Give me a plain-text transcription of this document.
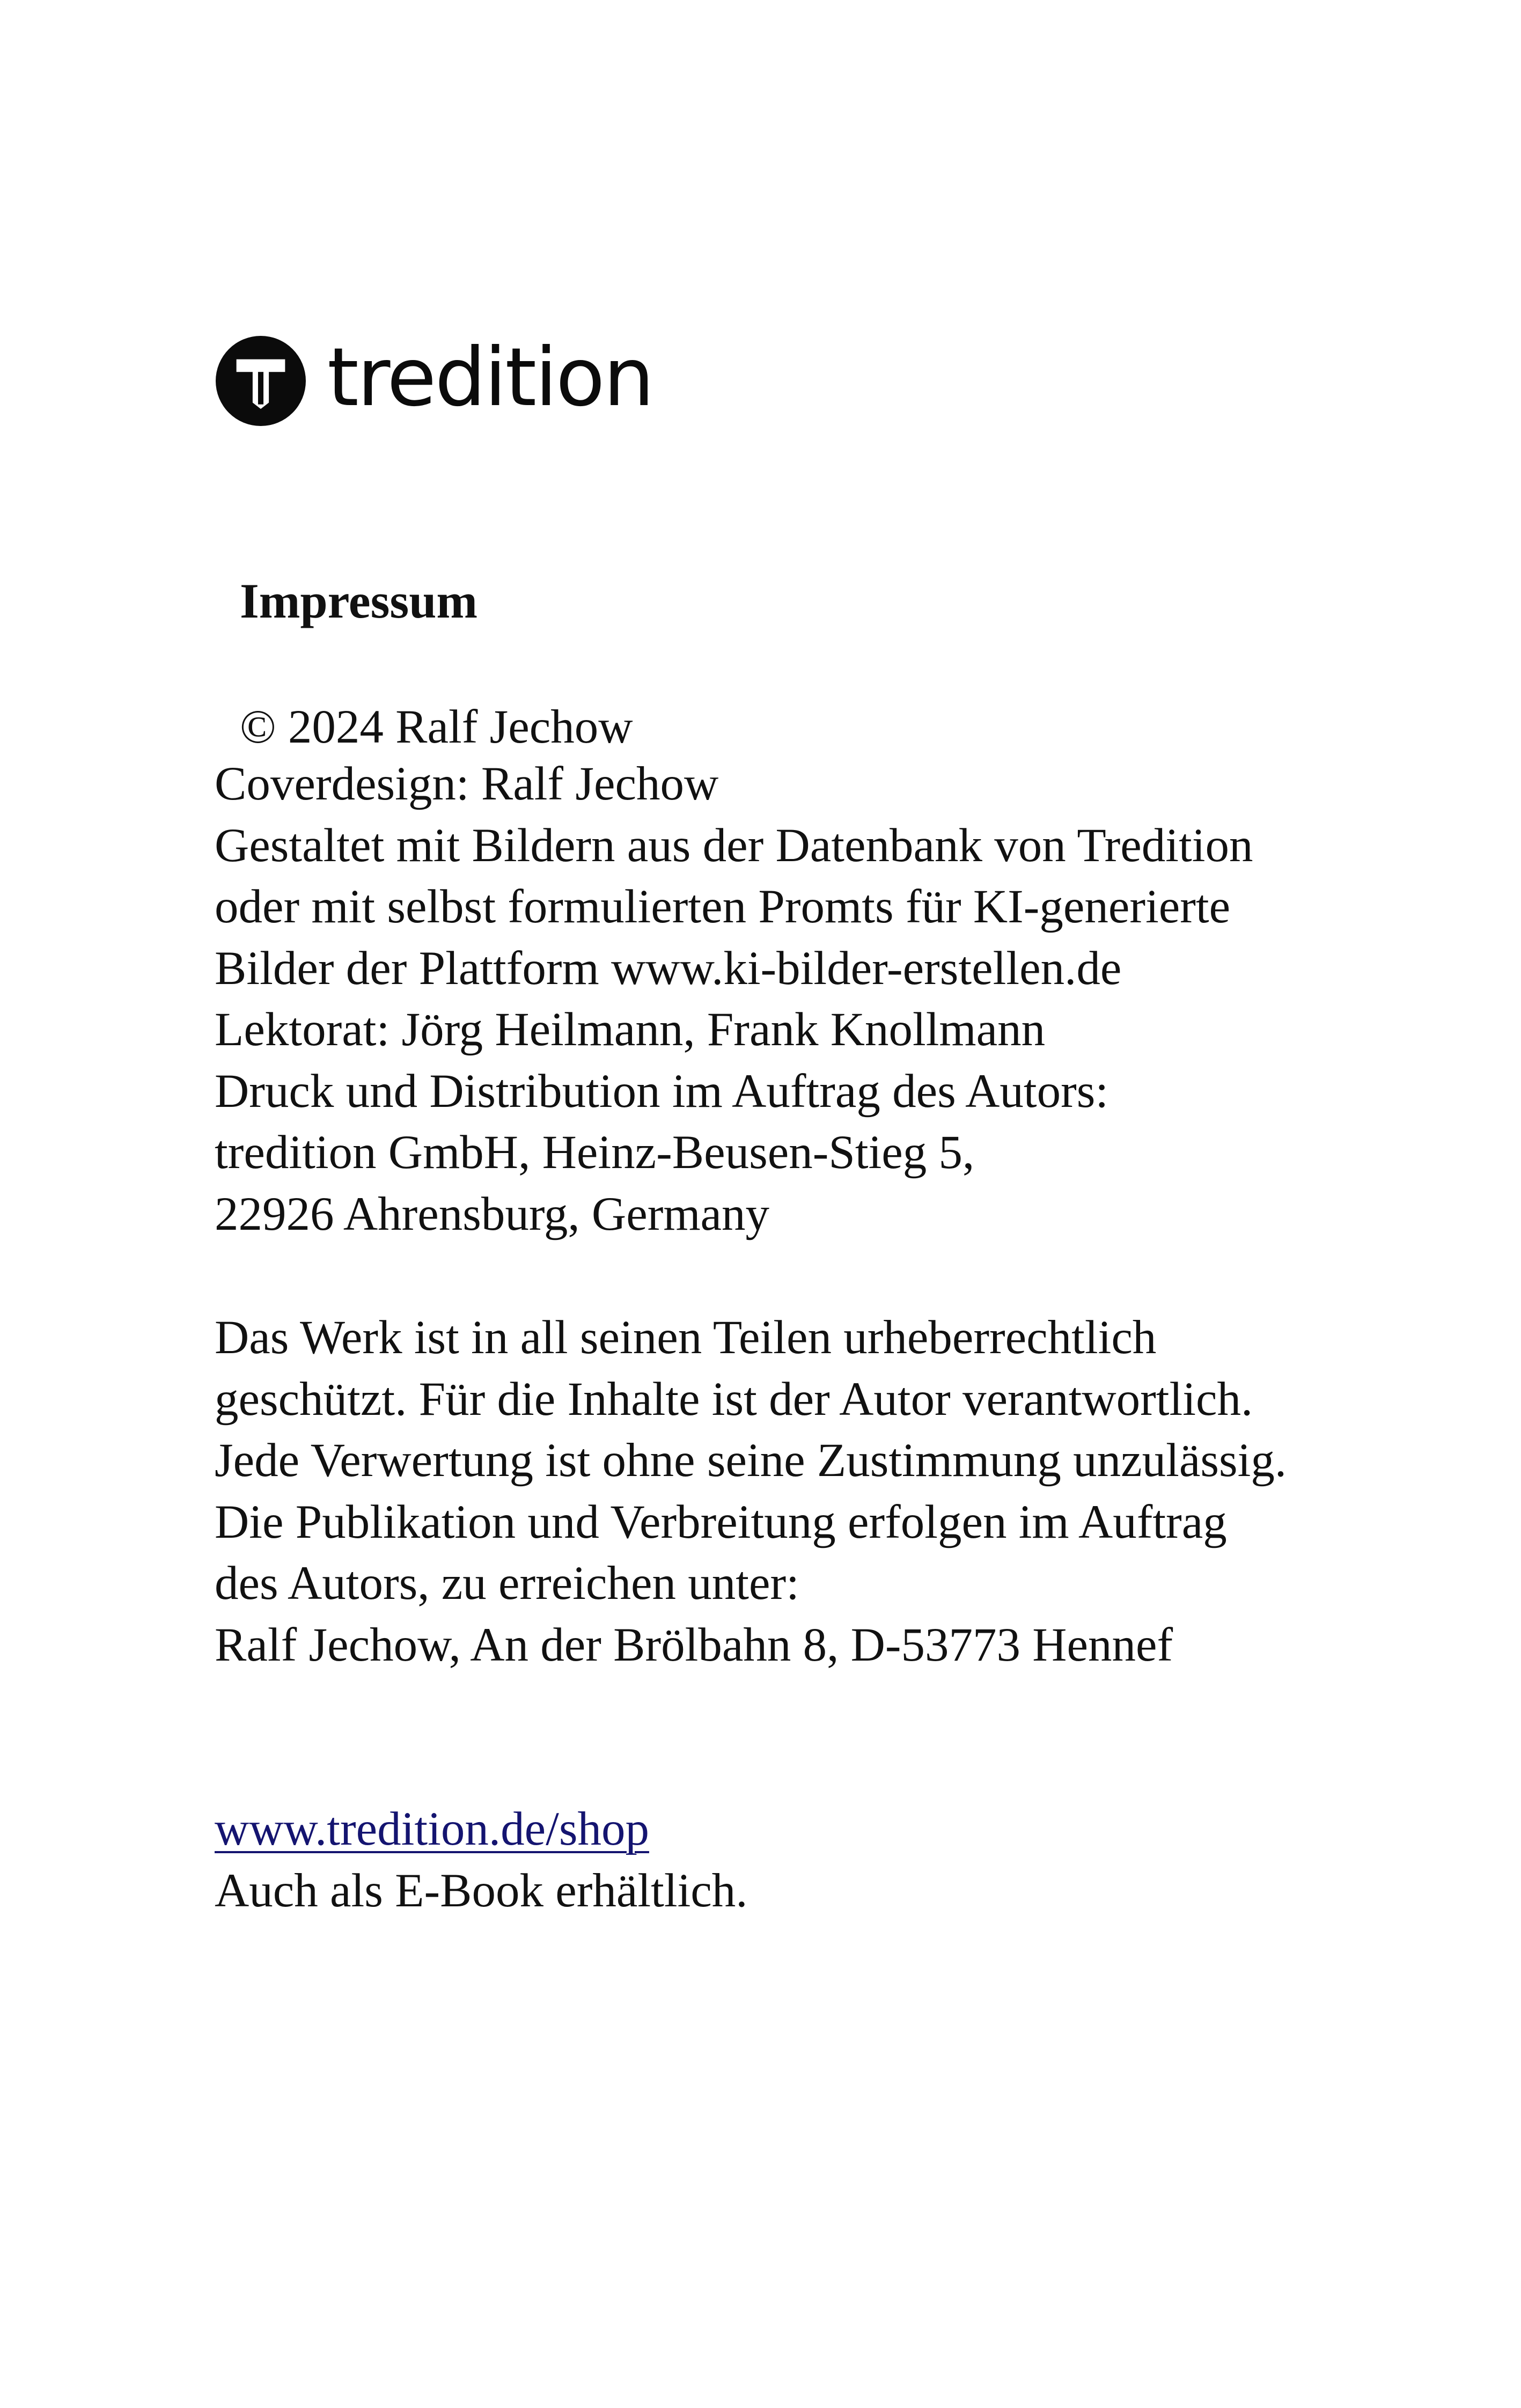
tredition
Impressum

© 2024 Ralf Jechow

Coverdesign: Ralf Jechow
Gestaltet mit Bildern aus der Datenbank von Tredition
oder mit selbst formulierten Promts für KI-generierte
Bilder der Plattform www.ki-bilder-erstellen.de
Lektorat: Jörg Heilmann, Frank Knollmann
Druck und Distribution im Auftrag des Autors:
tredition GmbH, Heinz-Beusen-Stieg 5,
22926 Ahrensburg, Germany

Das Werk ist in all seinen Teilen urheberrechtlich
geschützt. Für die Inhalte ist der Autor verantwortlich.
Jede Verwertung ist ohne seine Zustimmung unzulässig.
Die Publikation und Verbreitung erfolgen im Auftrag
des Autors, zu erreichen unter:
Ralf Jechow, An der Brölbahn 8, D-53773 Hennef

www.tredition.de/shop
Auch als E-Book erhältlich.
